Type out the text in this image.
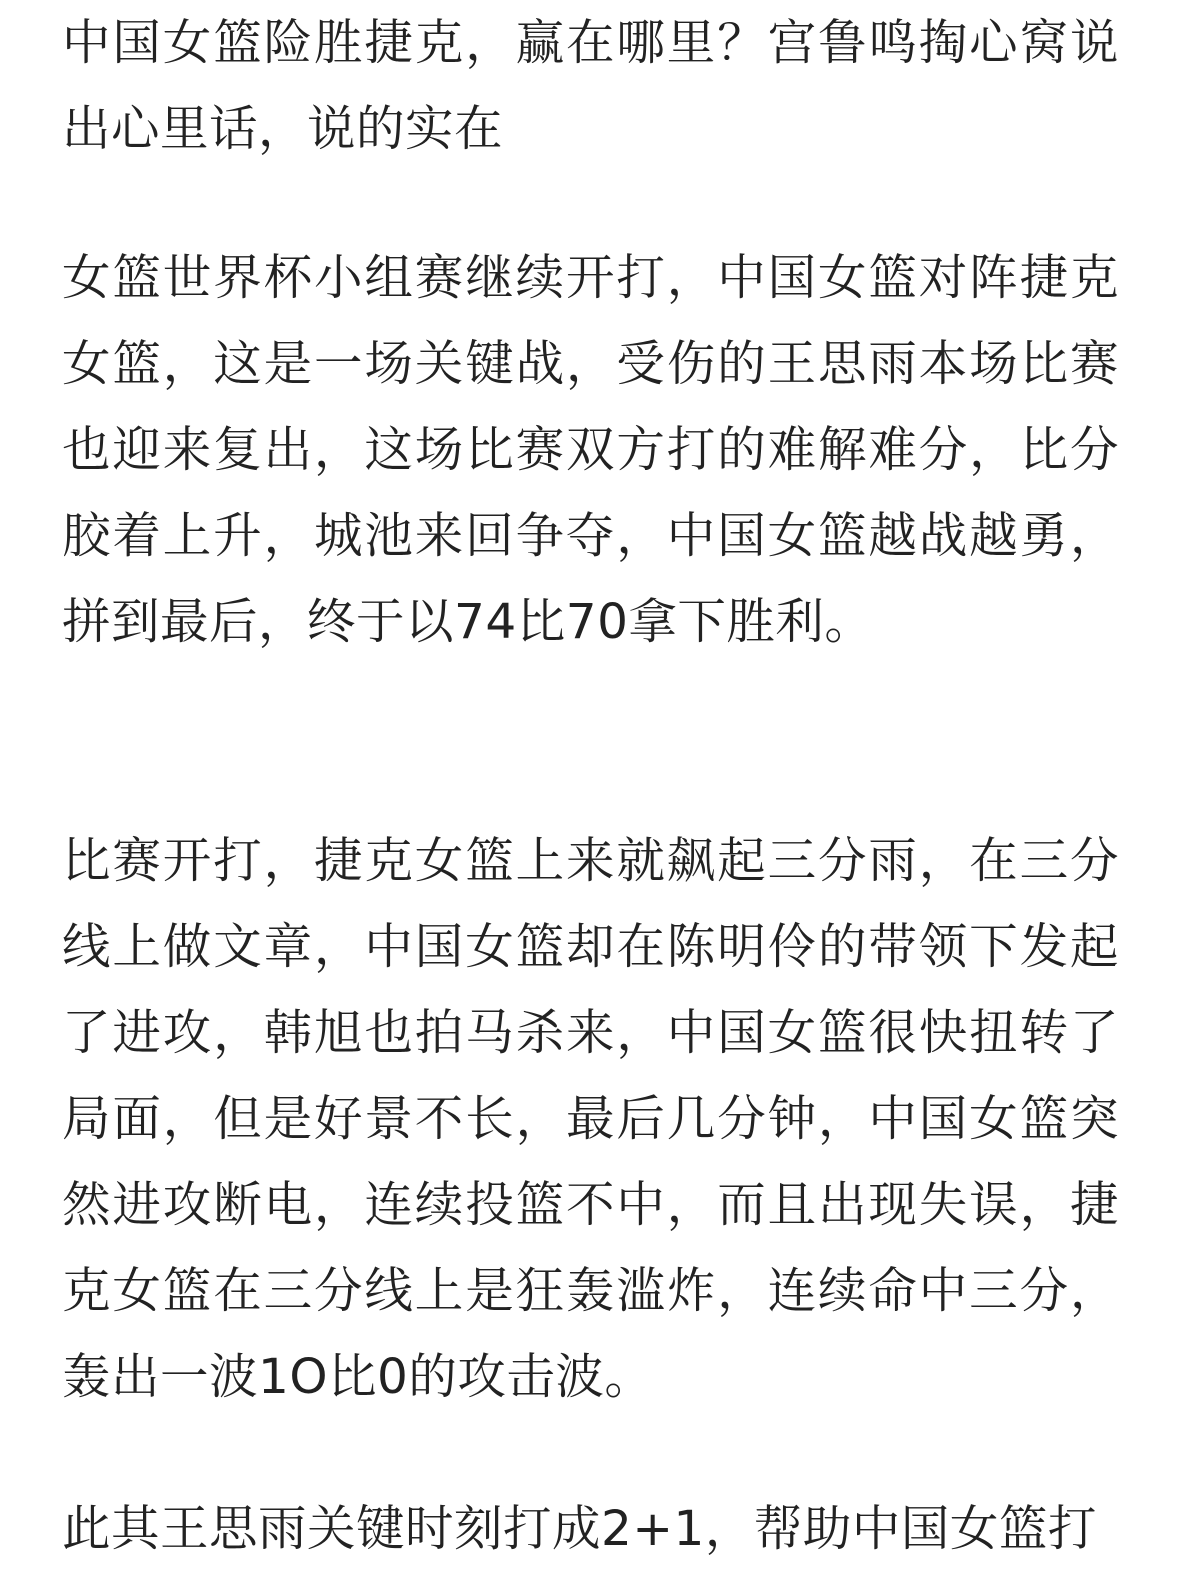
中国女篮险胜捷克，赢在哪里？宫鲁鸣掏心窝说出心里话，说的实在

女篮世界杯小组赛继续开打，中国女篮对阵捷克女篮，这是一场关键战，受伤的王思雨本场比赛也迎来复出，这场比赛双方打的难解难分，比分胶着上升，城池来回争夺，中国女篮越战越勇，拼到最后，终于以74比70拿下胜利。

比赛开打，捷克女篮上来就飙起三分雨，在三分线上做文章，中国女篮却在陈明伶的带领下发起了进攻，韩旭也拍马杀来，中国女篮很快扭转了局面，但是好景不长，最后几分钟，中国女篮突然进攻断电，连续投篮不中，而且出现失误，捷克女篮在三分线上是狂轰滥炸，连续命中三分，轰出一波1O比0的攻击波。

此其王思雨关键时刻打成2+1，帮助中国女篮打
